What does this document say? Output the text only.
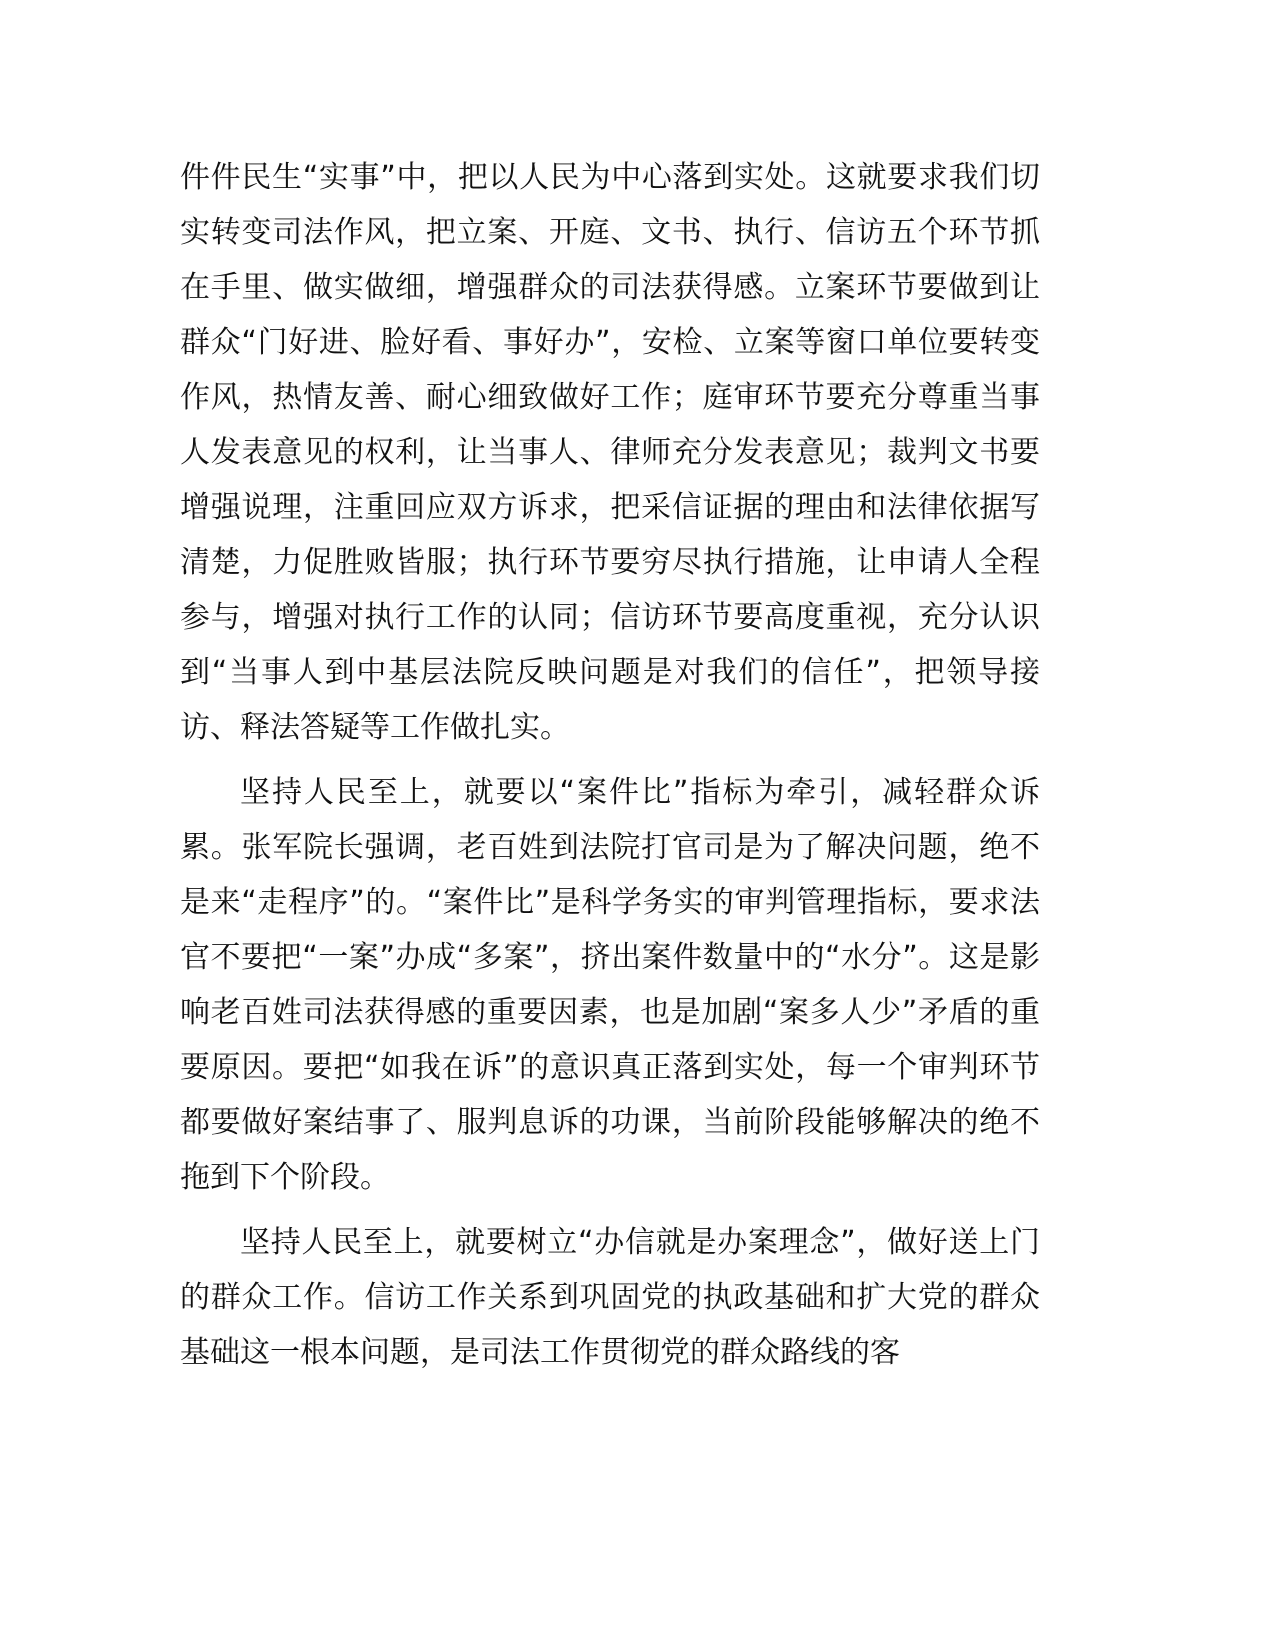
件件民生“实事”中，把以人民为中心落到实处。这就要求我们切实转变司法作风，把立案、开庭、文书、执行、信访五个环节抓在手里、做实做细，增强群众的司法获得感。立案环节要做到让群众“门好进、脸好看、事好办”，安检、立案等窗口单位要转变作风，热情友善、耐心细致做好工作；庭审环节要充分尊重当事人发表意见的权利，让当事人、律师充分发表意见；裁判文书要增强说理，注重回应双方诉求，把采信证据的理由和法律依据写清楚，力促胜败皆服；执行环节要穷尽执行措施，让申请人全程参与，增强对执行工作的认同；信访环节要高度重视，充分认识到“当事人到中基层法院反映问题是对我们的信任”，把领导接访、释法答疑等工作做扎实。

坚持人民至上，就要以“案件比”指标为牵引，减轻群众诉累。张军院长强调，老百姓到法院打官司是为了解决问题，绝不是来“走程序”的。“案件比”是科学务实的审判管理指标，要求法官不要把“一案”办成“多案”，挤出案件数量中的“水分”。这是影响老百姓司法获得感的重要因素，也是加剧“案多人少”矛盾的重要原因。要把“如我在诉”的意识真正落到实处，每一个审判环节都要做好案结事了、服判息诉的功课，当前阶段能够解决的绝不拖到下个阶段。

坚持人民至上，就要树立“办信就是办案理念”，做好送上门的群众工作。信访工作关系到巩固党的执政基础和扩大党的群众基础这一根本问题，是司法工作贯彻党的群众路线的客
